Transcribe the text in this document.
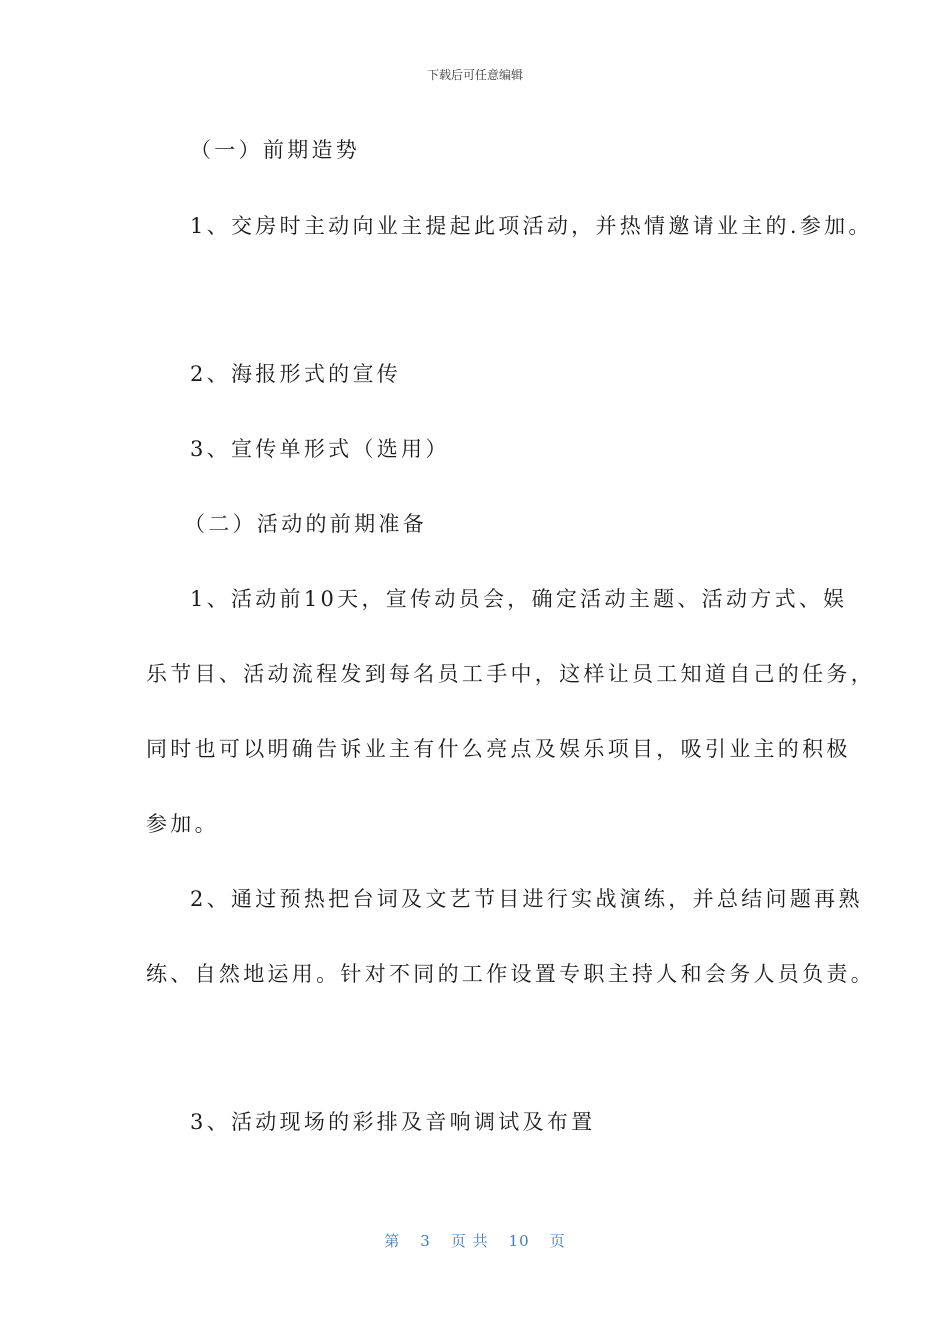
下载后可任意编辑
（一）前期造势
1、交房时主动向业主提起此项活动，并热情邀请业主的.参加。
2、海报形式的宣传
3、宣传单形式（选用）
（二）活动的前期准备
1、活动前10天，宣传动员会，确定活动主题、活动方式、娱
乐节目、活动流程发到每名员工手中，这样让员工知道自己的任务，
同时也可以明确告诉业主有什么亮点及娱乐项目，吸引业主的积极
参加。
2、通过预热把台词及文艺节目进行实战演练，并总结问题再熟
练、自然地运用。针对不同的工作设置专职主持人和会务人员负责。
3、活动现场的彩排及音响调试及布置
第 3 页 共 10 页
